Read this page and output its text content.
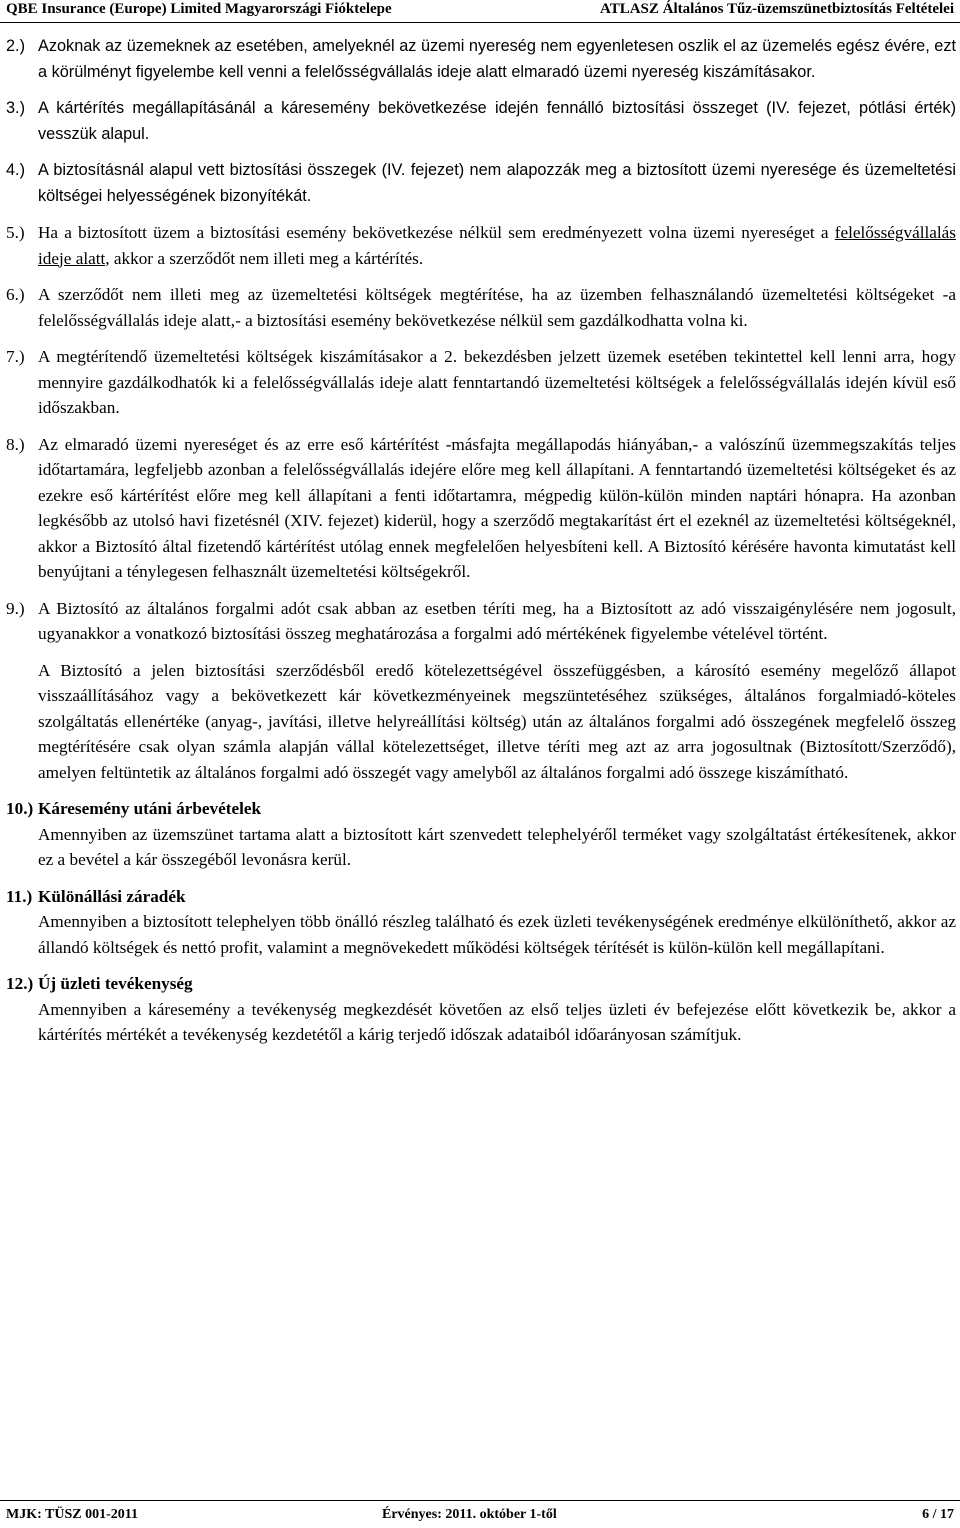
QBE Insurance (Europe) Limited Magyarországi Fióktelepe	ATLASZ Általános Tűz-üzemszünetbiztosítás Feltételei
2.) Azoknak az üzemeknek az esetében, amelyeknél az üzemi nyereség nem egyenletesen oszlik el az üzemelés egész évére, ezt a körülményt figyelembe kell venni a felelősségvállalás ideje alatt elmaradó üzemi nyereség kiszámításakor.
3.) A kártérítés megállapításánál a káresemény bekövetkezése idején fennálló biztosítási összeget (IV. fejezet, pótlási érték) vesszük alapul.
4.) A biztosításnál alapul vett biztosítási összegek (IV. fejezet) nem alapozzák meg a biztosított üzemi nyeresége és üzemeltetési költségei helyességének bizonyítékát.
5.) Ha a biztosított üzem a biztosítási esemény bekövetkezése nélkül sem eredményezett volna üzemi nyereséget a felelősségvállalás ideje alatt, akkor a szerződőt nem illeti meg a kártérítés.
6.) A szerződőt nem illeti meg az üzemeltetési költségek megtérítése, ha az üzemben felhasználandó üzemeltetési költségeket -a felelősségvállalás ideje alatt,- a biztosítási esemény bekövetkezése nélkül sem gazdálkodhatta volna ki.
7.) A megtérítendő üzemeltetési költségek kiszámításakor a 2. bekezdésben jelzett üzemek esetében tekintettel kell lenni arra, hogy mennyire gazdálkodhatók ki a felelősségvállalás ideje alatt fenntartandó üzemeltetési költségek a felelősségvállalás idején kívül eső időszakban.
8.) Az elmaradó üzemi nyereséget és az erre eső kártérítést -másfajta megállapodás hiányában,- a valószínű üzemmegszakítás teljes időtartamára, legfeljebb azonban a felelősségvállalás idejére előre meg kell állapítani. A fenntartandó üzemeltetési költségeket és az ezekre eső kártérítést előre meg kell állapítani a fenti időtartamra, mégpedig külön-külön minden naptári hónapra. Ha azonban legkésőbb az utolsó havi fizetésnél (XIV. fejezet) kiderül, hogy a szerződő megtakarítást ért el ezeknél az üzemeltetési költségeknél, akkor a Biztosító által fizetendő kártérítést utólag ennek megfelelően helyesbíteni kell. A Biztosító kérésére havonta kimutatást kell benyújtani a ténylegesen felhasznált üzemeltetési költségekről.
9.) A Biztosító az általános forgalmi adót csak abban az esetben téríti meg, ha a Biztosított az adó visszaigénylésére nem jogosult, ugyanakkor a vonatkozó biztosítási összeg meghatározása a forgalmi adó mértékének figyelembe vételével történt.
A Biztosító a jelen biztosítási szerződésből eredő kötelezettségével összefüggésben, a károsító esemény megelőző állapot visszaállításához vagy a bekövetkezett kár következményeinek megszüntetéséhez szükséges, általános forgalmiadó-köteles szolgáltatás ellenértéke (anyag-, javítási, illetve helyreállítási költség) után az általános forgalmi adó összegének megfelelő összeg megtérítésére csak olyan számla alapján vállal kötelezettséget, illetve téríti meg azt az arra jogosultnak (Biztosított/Szerződő), amelyen feltüntetik az általános forgalmi adó összegét vagy amelyből az általános forgalmi adó összege kiszámítható.
10.) Káresemény utáni árbevételek
Amennyiben az üzemszünet tartama alatt a biztosított kárt szenvedett telephelyéről terméket vagy szolgáltatást értékesítenek, akkor ez a bevétel a kár összegéből levonásra kerül.
11.) Különállási záradék
Amennyiben a biztosított telephelyen több önálló részleg található és ezek üzleti tevékenységének eredménye elkülöníthető, akkor az állandó költségek és nettó profit, valamint a megnövekedett működési költségek térítését is külön-külön kell megállapítani.
12.) Új üzleti tevékenység
Amennyiben a káresemény a tevékenység megkezdését követően az első teljes üzleti év befejezése előtt következik be, akkor a kártérítés mértékét a tevékenység kezdetétől a kárig terjedő időszak adataiból időarányosan számítjuk.
MJK: TÜSZ 001-2011	Érvényes: 2011. október 1-től	6 / 17
